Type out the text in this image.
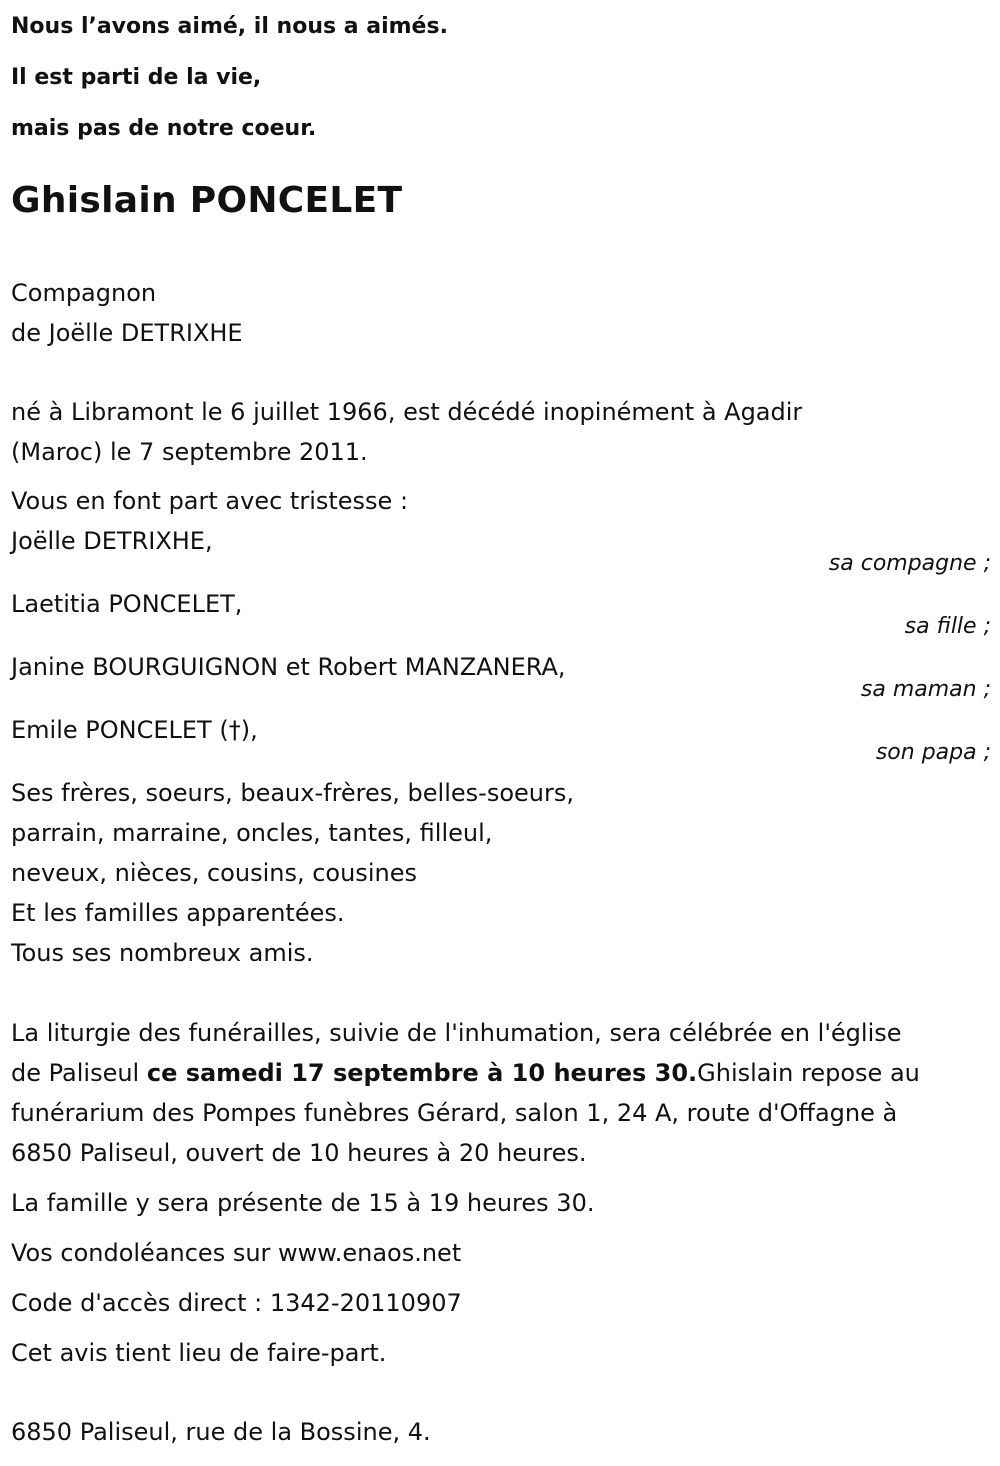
Nous l’avons aimé, il nous a aimés.
Il est parti de la vie,
mais pas de notre coeur.
Ghislain PONCELET
Compagnon
de Joëlle DETRIXHE
né à Libramont le 6 juillet 1966, est décédé inopinément à Agadir
(Maroc) le 7 septembre 2011.
Vous en font part avec tristesse :
Joëlle DETRIXHE,
sa compagne ;
Laetitia PONCELET,
sa fille ;
Janine BOURGUIGNON et Robert MANZANERA,
sa maman ;
Emile PONCELET (†),
son papa ;
Ses frères, soeurs, beaux-frères, belles-soeurs,
parrain, marraine, oncles, tantes, filleul,
neveux, nièces, cousins, cousines
Et les familles apparentées.
Tous ses nombreux amis.
La liturgie des funérailles, suivie de l'inhumation, sera célébrée en l'église
de Paliseul ce samedi 17 septembre à 10 heures 30.Ghislain repose au
funérarium des Pompes funèbres Gérard, salon 1, 24 A, route d'Offagne à
6850 Paliseul, ouvert de 10 heures à 20 heures.
La famille y sera présente de 15 à 19 heures 30.
Vos condoléances sur www.enaos.net
Code d'accès direct : 1342-20110907
Cet avis tient lieu de faire-part.
6850 Paliseul, rue de la Bossine, 4.
